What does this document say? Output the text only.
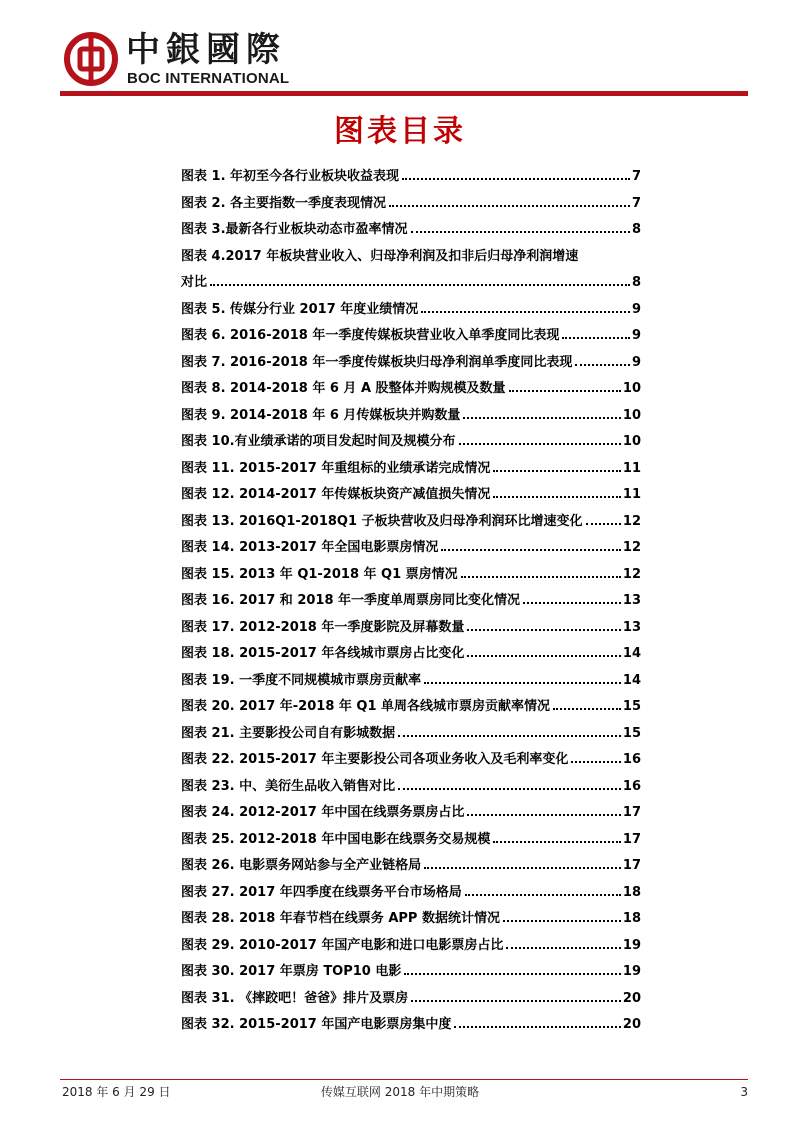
中銀國際
BOC INTERNATIONAL
图表目录
图表 1. 年初至今各行业板块收益表现	7
图表 2. 各主要指数一季度表现情况	7
图表 3.最新各行业板块动态市盈率情况	8
图表 4.2017 年板块营业收入、归母净利润及扣非后归母净利润增速
对比	8
图表 5. 传媒分行业 2017 年度业绩情况	9
图表 6. 2016-2018 年一季度传媒板块营业收入单季度同比表现	9
图表 7. 2016-2018 年一季度传媒板块归母净利润单季度同比表现	9
图表 8. 2014-2018 年 6 月 A 股整体并购规模及数量	10
图表 9. 2014-2018 年 6 月传媒板块并购数量	10
图表 10.有业绩承诺的项目发起时间及规模分布	10
图表 11. 2015-2017 年重组标的业绩承诺完成情况	11
图表 12. 2014-2017 年传媒板块资产减值损失情况	11
图表 13. 2016Q1-2018Q1 子板块营收及归母净利润环比增速变化	12
图表 14. 2013-2017 年全国电影票房情况	12
图表 15. 2013 年 Q1-2018 年 Q1 票房情况	12
图表 16. 2017 和 2018 年一季度单周票房同比变化情况	13
图表 17. 2012-2018 年一季度影院及屏幕数量	13
图表 18. 2015-2017 年各线城市票房占比变化	14
图表 19. 一季度不同规模城市票房贡献率	14
图表 20. 2017 年-2018 年 Q1 单周各线城市票房贡献率情况	15
图表 21. 主要影投公司自有影城数据	15
图表 22. 2015-2017 年主要影投公司各项业务收入及毛利率变化	16
图表 23. 中、美衍生品收入销售对比	16
图表 24. 2012-2017 年中国在线票务票房占比	17
图表 25. 2012-2018 年中国电影在线票务交易规模	17
图表 26. 电影票务网站参与全产业链格局	17
图表 27. 2017 年四季度在线票务平台市场格局	18
图表 28. 2018 年春节档在线票务 APP 数据统计情况	18
图表 29. 2010-2017 年国产电影和进口电影票房占比	19
图表 30. 2017 年票房 TOP10 电影	19
图表 31. 《摔跤吧！爸爸》排片及票房	20
图表 32. 2015-2017 年国产电影票房集中度	20
2018 年 6 月 29 日	传媒互联网 2018 年中期策略	3
